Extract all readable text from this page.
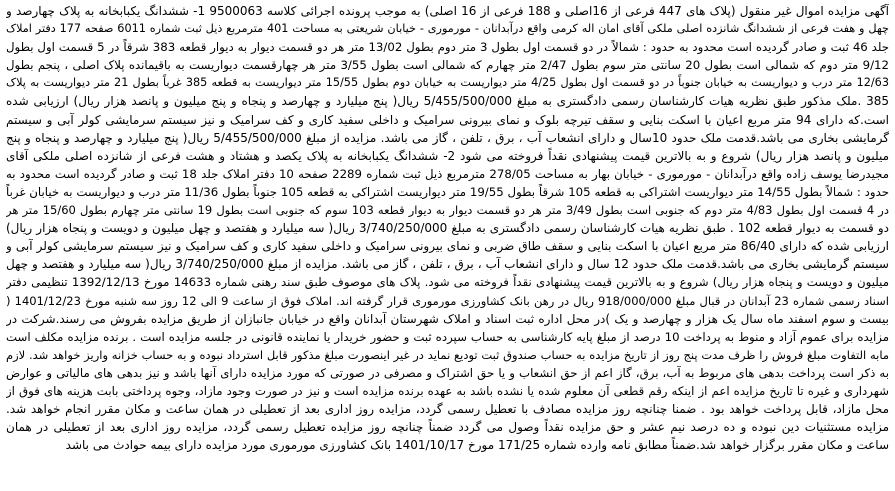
آگهی مزایده اموال غیر منقول (پلاک های 447 فرعی از 16اصلی و 188 فرعی از 16 اصلی) به موجب پرونده اجرائی کلاسه 9500063 1- ششدانگ یکبابخانه به پلاک چهارصد و
چهل و هفت فرعی از ششدانگ شانزده اصلی ملکی آقای امان اله کرمی واقع درآبدانان - مورموری - خیابان شریعتی به مساحت 401 مترمربع ذیل ثبت شماره 6011 صفحه 177 دفتر املاک
جلد 46 ثبت و صادر گردیده است محدود به حدود : شمالاً در دو قسمت اول بطول 3 متر دوم بطول 13/02 متر هر دو قسمت دیوار به دیوار قطعه 383 شرقاً در 5 قسمت اول بطول
9/12 متر دوم که شمالی است بطول 20 سانتی متر سوم بطول 2/47 متر چهارم که شمالی است بطول 3/55 متر هر چهارقسمت دیواریست به باقیمانده پلاک اصلی ، پنجم بطول
12/63 متر درب و دیواریست به خیابان جنوباً در دو قسمت اول بطول 4/25 متر دیواریست به خیابان دوم بطول 15/55 متر دیواریست به قطعه 385 غرباً بطول 21 متر دیواریست به پلاک
385 .ملک مذکور طبق نظریه هیات کارشناسان رسمی دادگستری به مبلغ 5/455/500/000 ریال( پنج میلیارد و چهارصد و پنجاه و پنج میلیون و پانصد هزار ریال) ارزیابی شده
است.که دارای 94 متر مربع اعیان با اسکت بنایی و سقف تیرچه بلوک و نمای بیرونی سرامیک و داخلی سفید کاری و کف سرامیک و نیز سیستم سرمایشی کولر آبی و سیستم
گرمایشی بخاری می باشد.قدمت ملک حدود 10سال و دارای انشعاب آب ، برق ، تلفن ، گاز می باشد. مزایده از مبلغ 5/455/500/000 ریال( پنج میلیارد و چهارصد و پنجاه و پنج
میلیون و پانصد هزار ریال) شروع و به بالاترین قیمت پیشنهادی نقداً فروخته می شود 2- ششدانگ یکبابخانه به پلاک یکصد و هشتاد و هشت فرعی از شانزده اصلی ملکی آقای
مجیدرضا یوسف زاده واقع درآبدانان - مورموری - خیابان بهار به مساحت 278/05 مترمربع ذیل ثبت شماره 2289 صفحه 10 دفتر املاک جلد 18 ثبت و صادر گردیده است محدود به
حدود : شمالاً بطول 14/55 متر دیواریست اشتراکی به قطعه 105 شرقاً بطول 19/55 متر دیواریست اشتراکی به قطعه 105 جنوباً بطول 11/36 متر درب و دیواریست به خیابان غرباً
در 4 قسمت اول بطول 4/83 متر دوم که جنوبی است بطول 3/49 متر هر دو قسمت دیوار به دیوار قطعه 103 سوم که جنوبی است بطول 19 سانتی متر چهارم بطول 15/60 متر هر
دو قسمت به دیوار قطعه 102 . طبق نظریه هیات کارشناسان رسمی دادگستری به مبلغ 3/740/250/000 ریال( سه میلیارد و هفتصد و چهل میلیون و دویست و پنجاه هزار ریال)
ارزیابی شده که دارای 86/40 متر مربع اعیان با اسکت بنایی و سقف طاق ضربی و نمای بیرونی سرامیک و داخلی سفید کاری و کف سرامیک و نیز سیستم سرمایشی کولر آبی و
سیستم گرمایشی بخاری می باشد.قدمت ملک حدود 12 سال و دارای انشعاب آب ، برق ، تلفن ، گاز می باشد. مزایده از مبلغ 3/740/250/000 ریال( سه میلیارد و هفتصد و چهل
میلیون و دویست و پنجاه هزار ریال) شروع و به بالاترین قیمت پیشنهادی نقداً فروخته می شود. پلاک های موصوف طبق سند رهنی شماره 14633 مورخ 1392/12/13 تنظیمی دفتر
اسناد رسمی شماره 23 آبدانان در قبال مبلغ 918/000/000 ریال در رهن بانک کشاورزی مورموری قرار گرفته اند. املاک فوق از ساعت 9 الی 12 روز سه شنبه مورخ 1401/12/23 (
بیست و سوم اسفند ماه سال یک هزار و چهارصد و یک )در محل اداره ثبت اسناد و املاک شهرستان آبدانان واقع در خیابان جانبازان از طریق مزایده بفروش می رسند.شرکت در
مزایده برای عموم آزاد و منوط به پرداخت 10 درصد از مبلغ پایه کارشناسی به حساب سپرده ثبت و حضور خریدار یا نماینده قانونی در جلسه مزایده است . برنده مزایده مکلف است
مابه التفاوت مبلغ فروش را ظرف مدت پنج روز از تاریخ مزایده به حساب صندوق ثبت تودیع نماید در غیر اینصورت مبلغ مذکور قابل استرداد نبوده و به حساب خزانه واریز خواهد شد. لازم
به ذکر است پرداخت بدهی های مربوط به آب، برق، گاز اعم از حق انشعاب و یا حق اشتراک و مصرفی در صورتی که مورد مزایده دارای آنها باشد و نیز بدهی های مالیاتی و عوارض
شهرداری و غیره تا تاریخ مزایده اعم از اینکه رقم قطعی آن معلوم شده یا نشده باشد به عهده برنده مزایده است و نیز در صورت وجود مازاد، وجوه پرداختی بابت هزینه های فوق از
محل مازاد، قابل پرداخت خواهد بود . ضمنا چنانچه روز مزایده مصادف با تعطیل رسمی گردد، مزایده روز اداری بعد از تعطیلی در همان ساعت و مکان مقرر انجام خواهد شد.
مزایده مستثنیات دین نبوده و ده درصد نیم عشر و حق مزایده نقداً وصول می گردد ضمناً چنانچه روز مزایده تعطیل رسمی گردد، مزایده روز اداری بعد از تعطیلی در همان
ساعت و مکان مقرر برگزار خواهد شد.ضمناً مطابق نامه وارده شماره 171/25 مورخ 1401/10/17 بانک کشاورزی مورموری مورد مزایده دارای بیمه حوادث می باشد
